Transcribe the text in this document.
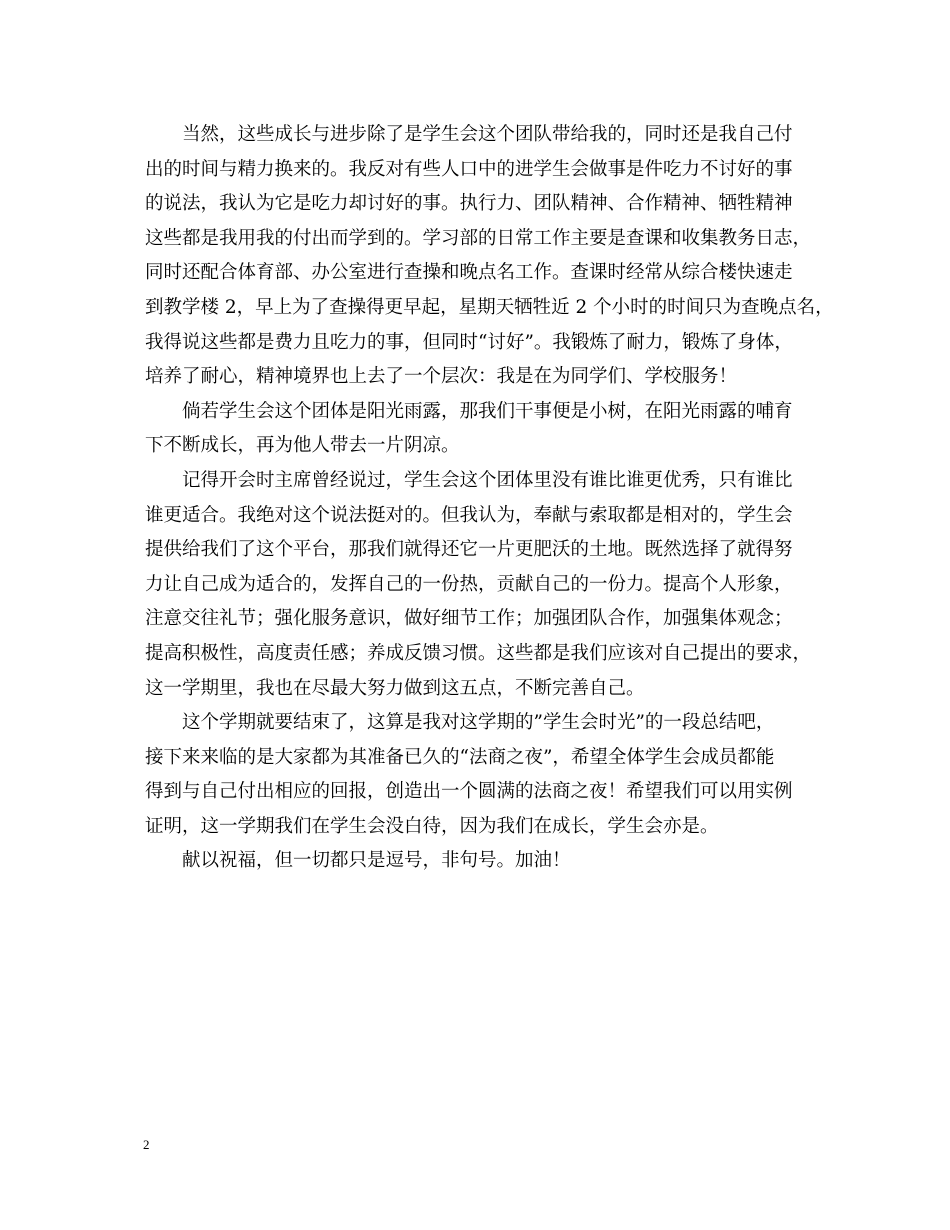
　　当然，这些成长与进步除了是学生会这个团队带给我的，同时还是我自己付
出的时间与精力换来的。我反对有些人口中的进学生会做事是件吃力不讨好的事
的说法，我认为它是吃力却讨好的事。执行力、团队精神、合作精神、牺牲精神
这些都是我用我的付出而学到的。学习部的日常工作主要是查课和收集教务日志，
同时还配合体育部、办公室进行查操和晚点名工作。查课时经常从综合楼快速走
到教学楼 2，早上为了查操得更早起，星期天牺牲近 2 个小时的时间只为查晚点名，
我得说这些都是费力且吃力的事，但同时“讨好”。我锻炼了耐力，锻炼了身体，
培养了耐心，精神境界也上去了一个层次：我是在为同学们、学校服务！
　　倘若学生会这个团体是阳光雨露，那我们干事便是小树，在阳光雨露的哺育
下不断成长，再为他人带去一片阴凉。
　　记得开会时主席曾经说过，学生会这个团体里没有谁比谁更优秀，只有谁比
谁更适合。我绝对这个说法挺对的。但我认为，奉献与索取都是相对的，学生会
提供给我们了这个平台，那我们就得还它一片更肥沃的土地。既然选择了就得努
力让自己成为适合的，发挥自己的一份热，贡献自己的一份力。提高个人形象，
注意交往礼节；强化服务意识，做好细节工作；加强团队合作，加强集体观念；
提高积极性，高度责任感；养成反馈习惯。这些都是我们应该对自己提出的要求，
这一学期里，我也在尽最大努力做到这五点，不断完善自己。
　　这个学期就要结束了，这算是我对这学期的”学生会时光”的一段总结吧，
接下来来临的是大家都为其准备已久的“法商之夜”，希望全体学生会成员都能
得到与自己付出相应的回报，创造出一个圆满的法商之夜！希望我们可以用实例
证明，这一学期我们在学生会没白待，因为我们在成长，学生会亦是。
　　献以祝福，但一切都只是逗号，非句号。加油！
2
